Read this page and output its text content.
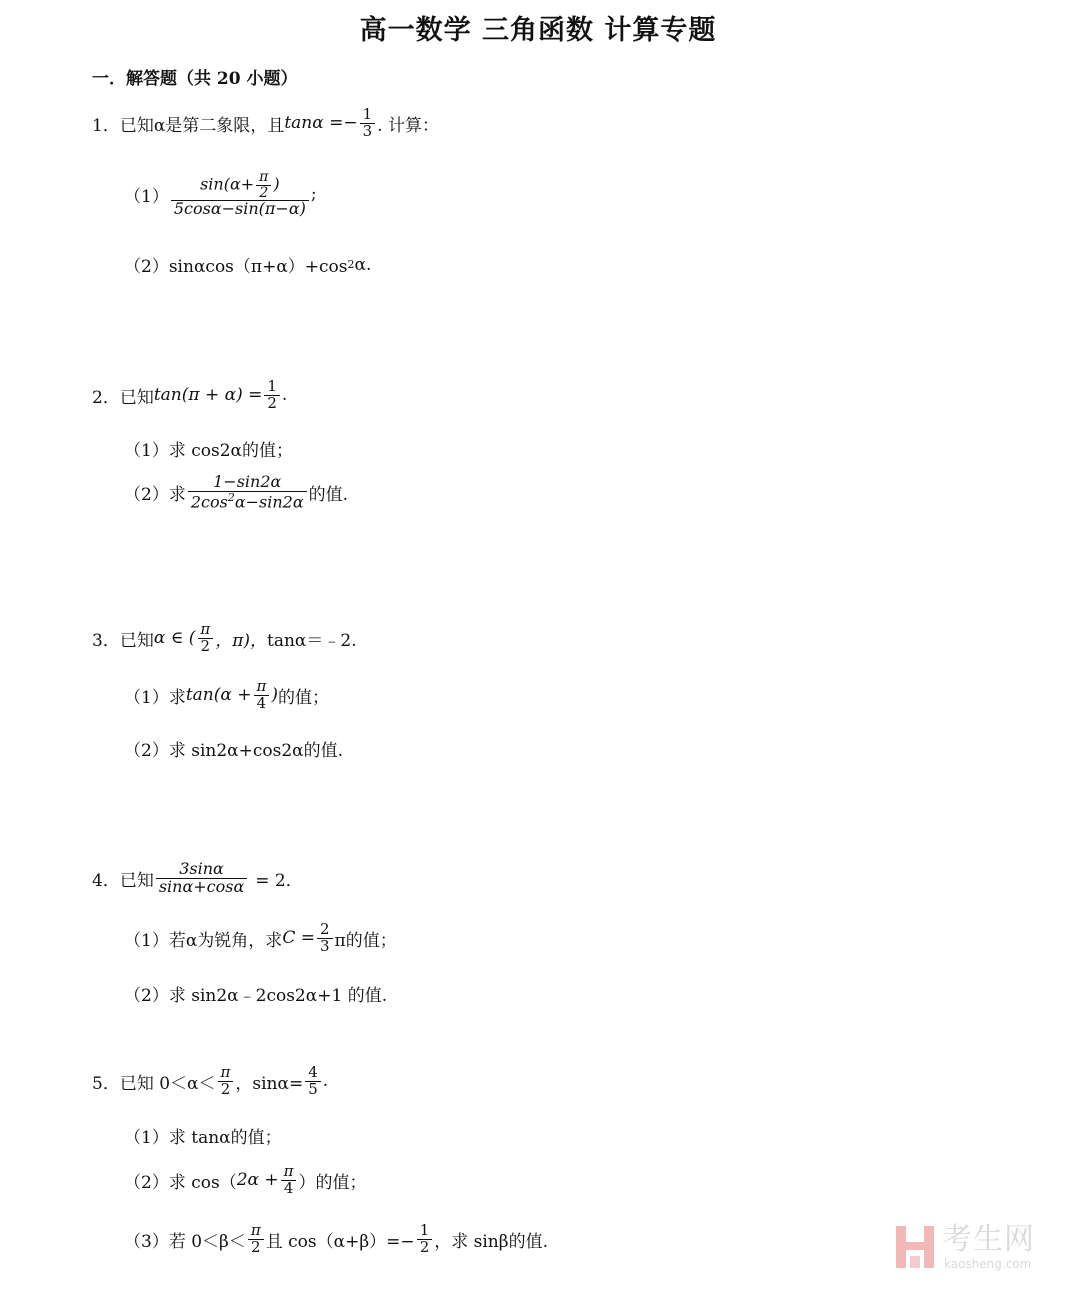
高一数学 三角函数 计算专题
一．解答题（共 20 小题）
1． 已知α是第二象限，且 $\tan\alpha =- \frac{1}{3}$ . 计算：
$(1) \frac{\sin(\alpha+ \frac{\pi}{2} )}{5\cos\alpha-\sin(\pi-\alpha)}$ ;
（2） sinαcos（π+α）+cos 2 α.
2． 已知 $\tan(\pi + \alpha) = \frac{1}{2}$ .
（1） 求 cos2α的值；
（2） 求 $\frac{1-\sin 2\alpha}{2\cos^2\alpha-\sin 2\alpha}$ 的值.
3． 已知 α ∈ ( $\frac{\pi}{2}$ ，π)， tanα＝﹣2.
（1） 求 $\tan(\alpha + \frac{\pi}{4}$ ) 的值；
（2） 求 sin2α+cos2α的值.
4． 已知 $\frac{3\sin\alpha}{\sin\alpha+\cos\alpha} = 2$．
（1） 若α为锐角，求 $C = \frac{2}{3}$ π的值；
（2） 求 sin2α﹣2cos2α+1 的值.
5． 已知 $0<\alpha< \frac{\pi}{2}$ ，$\sin\alpha= \frac{4}{5}$ .
（1） 求 tanα的值；
（2） 求 cos（ $2\alpha + \frac{\pi}{4}$ ）的值；
（3） 若 $0<\beta< \frac{\pi}{2}$ 且 $\cos(\alpha+\beta)=- \frac{1}{2}$ ，求 sinβ的值.	考生网
kaosheng.com
